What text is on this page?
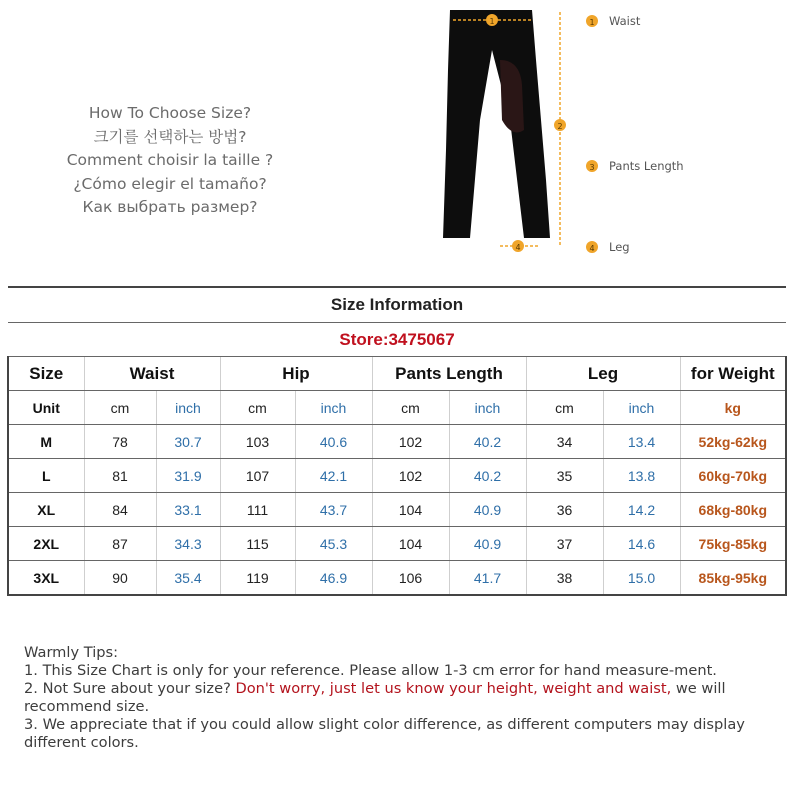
How To Choose Size?
크기를 선택하는 방법?
Comment choisir la taille ?
¿Cómo elegir el tamaño?
Как выбрать размер?
1
2
4
1
3
4
Waist
Pants Length
Leg
Size Information									
Store:3475067									
Size	Waist		Hip		Pants Length		Leg		for Weight
Unit	cm	inch	cm	inch	cm	inch	cm	inch	kg
M	78	30.7	103	40.6	102	40.2	34	13.4	52kg-62kg
L	81	31.9	107	42.1	102	40.2	35	13.8	60kg-70kg
XL	84	33.1	111	43.7	104	40.9	36	14.2	68kg-80kg
2XL	87	34.3	115	45.3	104	40.9	37	14.6	75kg-85kg
3XL	90	35.4	119	46.9	106	41.7	38	15.0	85kg-95kg

Warmly Tips:

1. This Size Chart is only for your reference. Please allow 1-3 cm error for hand measure-ment.

2. Not Sure about your size? Don't worry, just let us know your height, weight and waist, we will recommend size.

3. We appreciate that if you could allow slight color difference, as different computers may display different colors.
